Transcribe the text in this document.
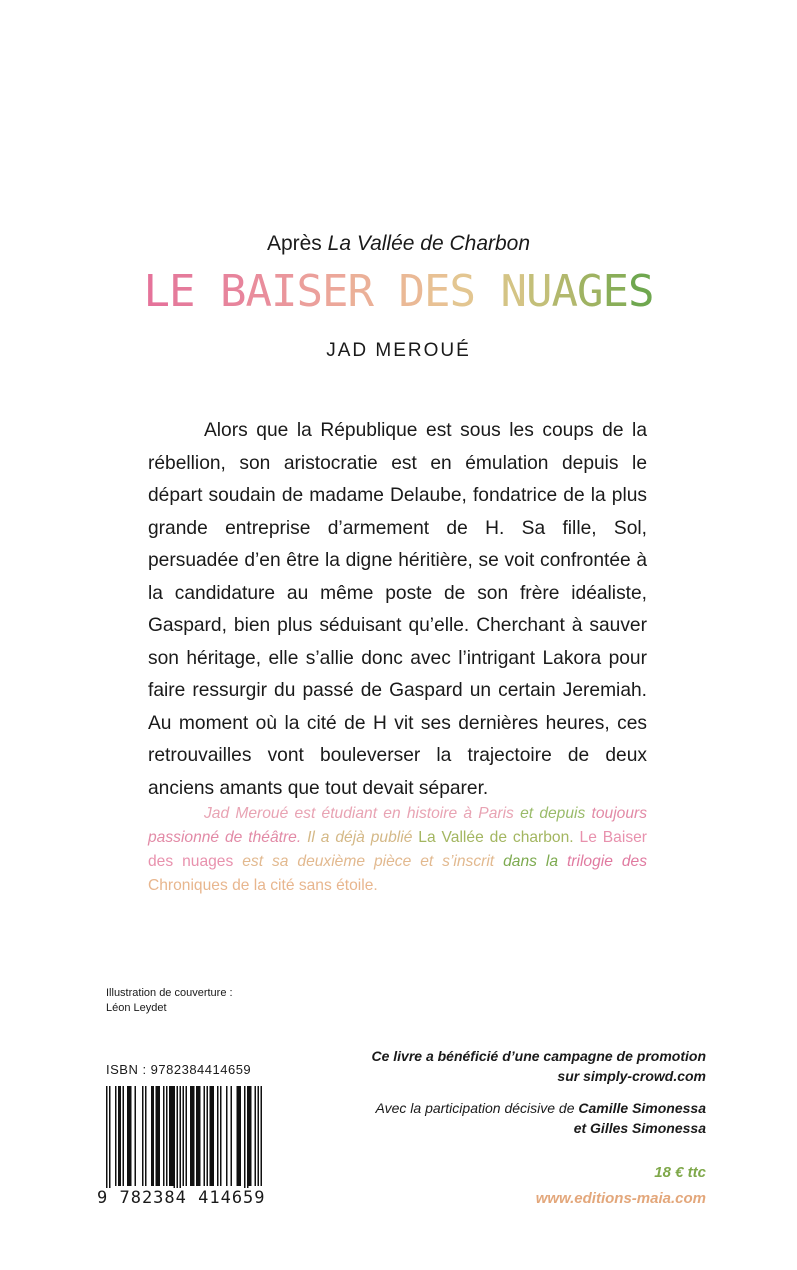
Après La Vallée de Charbon
LE BAISER DES NUAGES
JAD MEROUÉ
Alors que la République est sous les coups de la rébellion, son aristocratie est en émulation depuis le départ soudain de madame Delaube, fondatrice de la plus grande entreprise d’armement de H. Sa fille, Sol, persuadée d’en être la digne héritière, se voit confrontée à la candidature au même poste de son frère idéaliste, Gaspard, bien plus séduisant qu’elle. Cherchant à sauver son héritage, elle s’allie donc avec l’intrigant Lakora pour faire ressurgir du passé de Gaspard un certain Jeremiah. Au moment où la cité de H vit ses dernières heures, ces retrouvailles vont bouleverser la trajectoire de deux anciens amants que tout devait séparer.
Jad Meroué est étudiant en histoire à Paris et depuis toujours passionné de théâtre. Il a déjà publié La Vallée de charbon. Le Baiser des nuages est sa deuxième pièce et s’inscrit dans la trilogie des Chroniques de la cité sans étoile.
Illustration de couverture :
Léon Leydet
ISBN : 9782384414659
9 782384 414659
Ce livre a bénéficié d’une campagne de promotion
sur simply-crowd.com
Avec la participation décisive de Camille Simonessa
et Gilles Simonessa
18 € ttc
www.editions-maia.com
